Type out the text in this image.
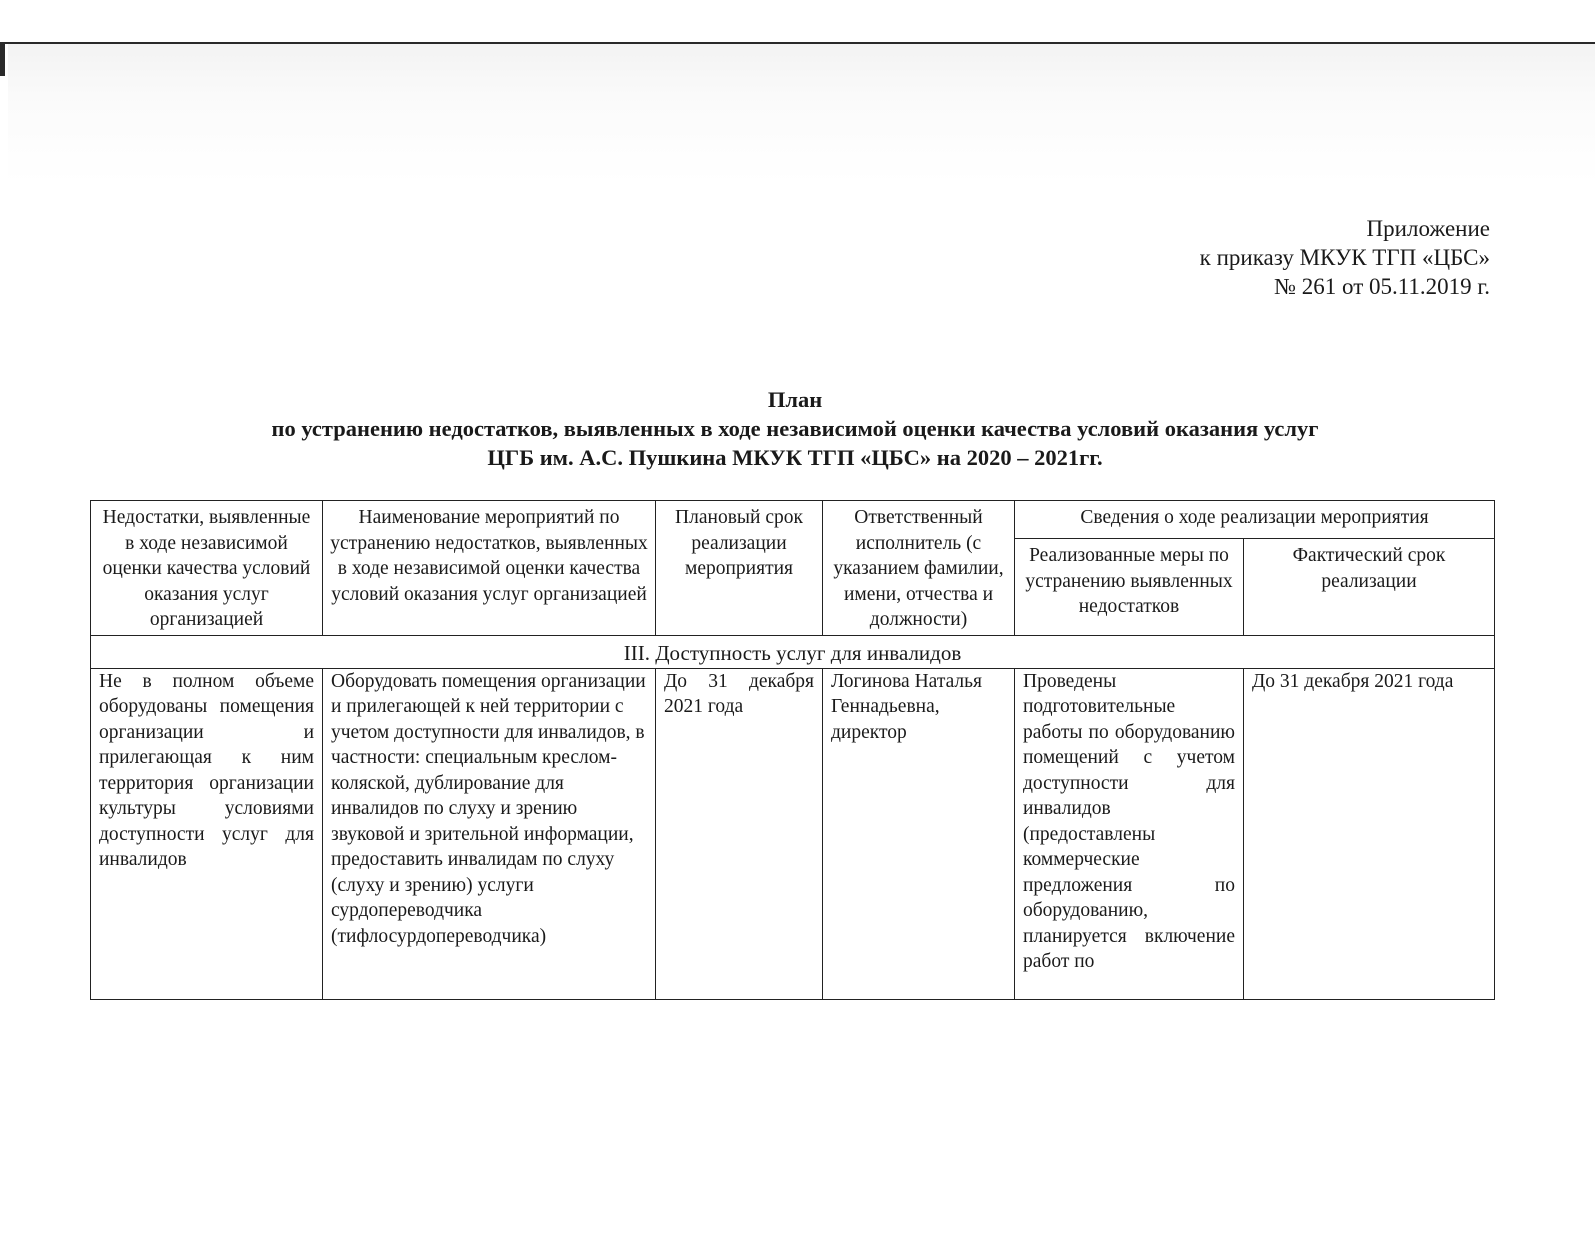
Приложение
к приказу МКУК ТГП «ЦБС»
№ 261 от 05.11.2019 г.
План
по устранению недостатков, выявленных в ходе независимой оценки качества условий оказания услуг
ЦГБ им. А.С. Пушкина МКУК ТГП «ЦБС» на 2020 – 2021гг.
Недостатки, выявленные в ходе независимой оценки качества условий оказания услуг организацией	Наименование мероприятий по устранению недостатков, выявленных в ходе независимой оценки качества условий оказания услуг организацией	Плановый срок реализации мероприятия	Ответственный исполнитель (с указанием фамилии, имени, отчества и должности)	Сведения о ходе реализации мероприятия	
				Реализованные меры по устранению выявленных недостатков	Фактический срок реализации
III. Доступность услуг для инвалидов					
Не в полном объеме оборудованы помещения организации и прилегающая к ним территория организации культуры условиями доступности услуг для инвалидов	Оборудовать помещения организации и прилегающей к ней территории с учетом доступности для инвалидов, в частности: специальным креслом-коляской, дублирование для инвалидов по слуху и зрению звуковой и зрительной информации, предоставить инвалидам по слуху (слуху и зрению) услуги сурдопереводчика (тифлосурдопереводчика)	До 31 декабря 2021 года	Логинова Наталья Геннадьевна, директор	Проведены подготовительные работы по оборудованию помещений с учетом доступности для инвалидов (предоставлены коммерческие предложения по оборудованию, планируется включение работ по	До 31 декабря 2021 года
